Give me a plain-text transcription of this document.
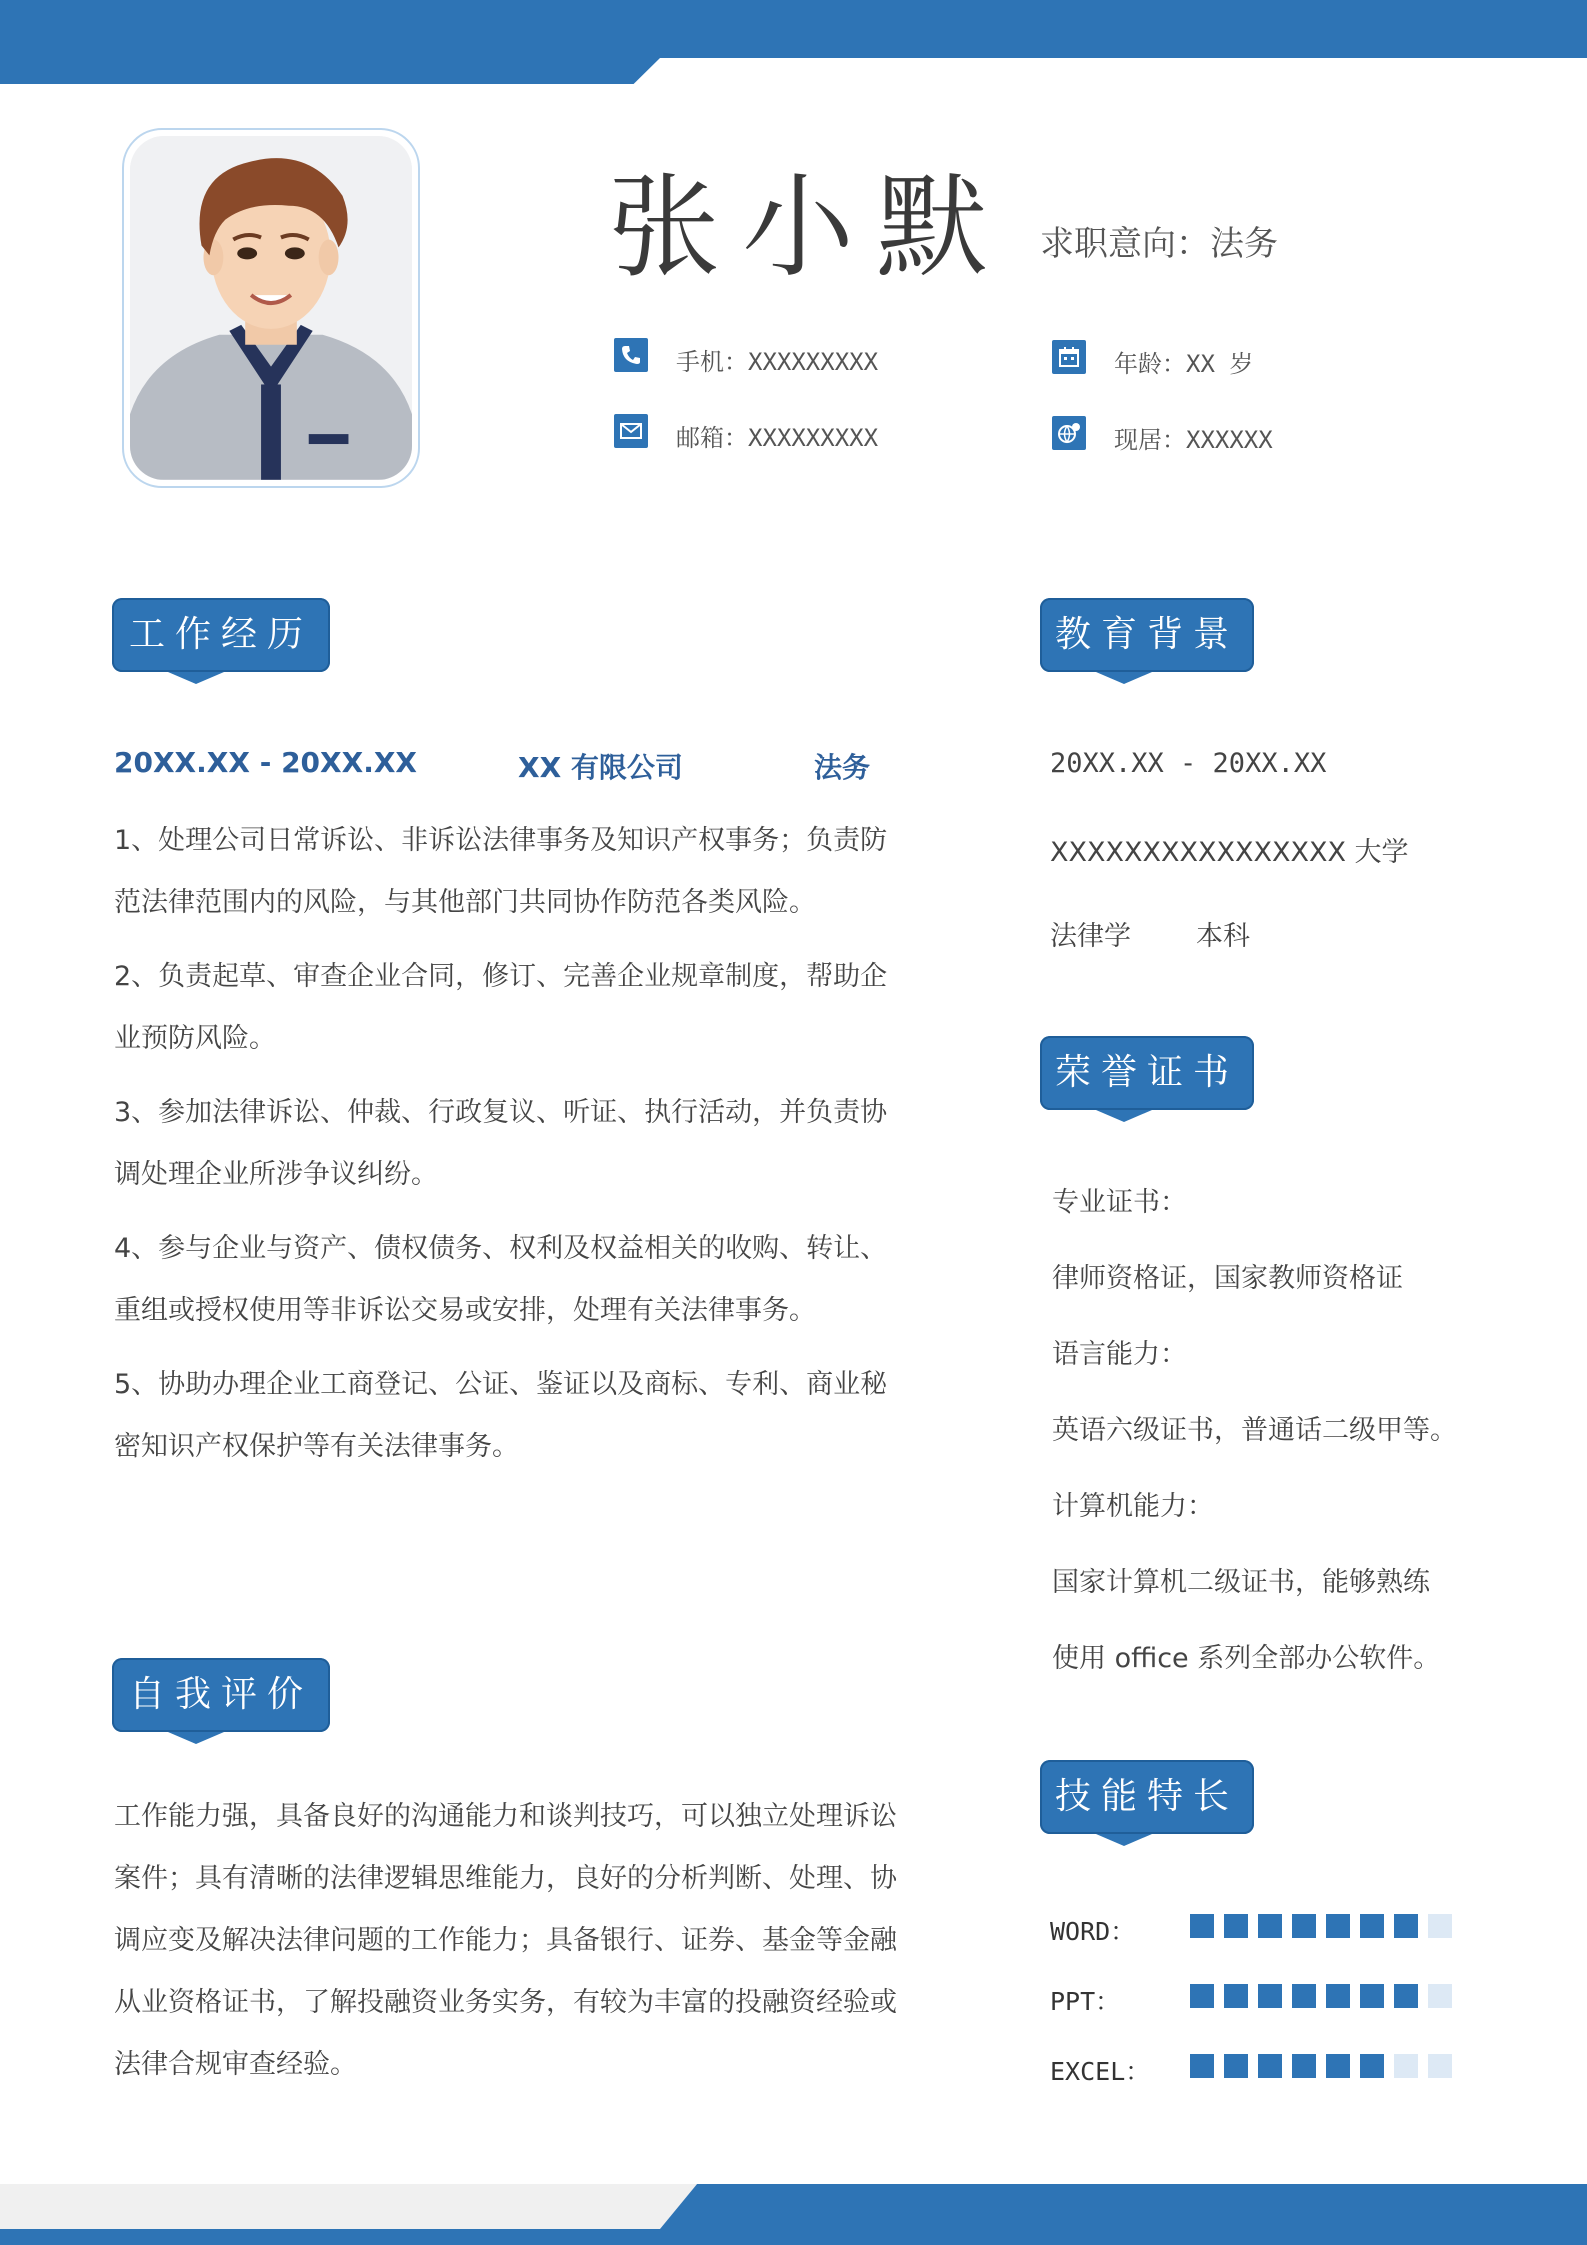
张小默 求职意向：法务
手机：XXXXXXXXX
邮箱：XXXXXXXXX
年龄：XX 岁
现居：XXXXXX
工作经历
20XX.XX - 20XX.XX	XX 有限公司	法务
1、处理公司日常诉讼、非诉讼法律事务及知识产权事务；负责防范法律范围内的风险，与其他部门共同协作防范各类风险。
2、负责起草、审查企业合同，修订、完善企业规章制度，帮助企业预防风险。
3、参加法律诉讼、仲裁、行政复议、听证、执行活动，并负责协调处理企业所涉争议纠纷。
4、参与企业与资产、债权债务、权利及权益相关的收购、转让、重组或授权使用等非诉讼交易或安排，处理有关法律事务。
5、协助办理企业工商登记、公证、鉴证以及商标、专利、商业秘密知识产权保护等有关法律事务。
自我评价
工作能力强，具备良好的沟通能力和谈判技巧，可以独立处理诉讼案件；具有清晰的法律逻辑思维能力，良好的分析判断、处理、协调应变及解决法律问题的工作能力；具备银行、证券、基金等金融从业资格证书，了解投融资业务实务，有较为丰富的投融资经验或法律合规审查经验。
教育背景
20XX.XX - 20XX.XX
XXXXXXXXXXXXXXXX 大学
法律学 本科
荣誉证书
专业证书：
律师资格证，国家教师资格证
语言能力：
英语六级证书，普通话二级甲等。
计算机能力：
国家计算机二级证书，能够熟练
使用 office 系列全部办公软件。
技能特长
WORD：
PPT：
EXCEL：
